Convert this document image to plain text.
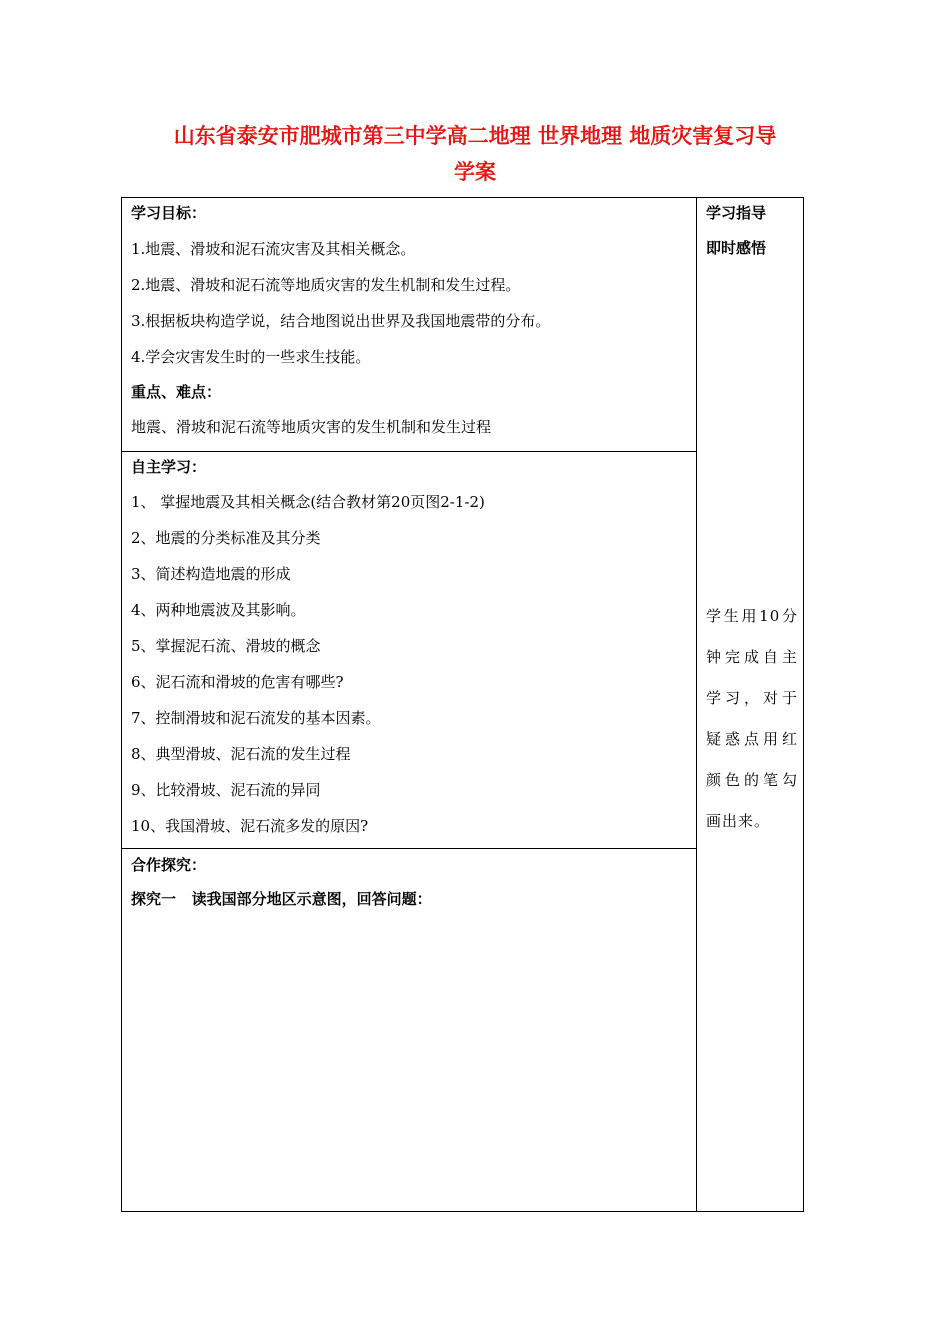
山东省泰安市肥城市第三中学高二地理 世界地理 地质灾害复习导
学案
学习目标：
1.地震、滑坡和泥石流灾害及其相关概念。
2.地震、滑坡和泥石流等地质灾害的发生机制和发生过程。
3.根据板块构造学说，结合地图说出世界及我国地震带的分布。
4.学会灾害发生时的一些求生技能。
重点、难点：
地震、滑坡和泥石流等地质灾害的发生机制和发生过程
自主学习：
1、 掌握地震及其相关概念(结合教材第20页图2-1-2)
2、地震的分类标准及其分类
3、简述构造地震的形成
4、两种地震波及其影响。
5、掌握泥石流、滑坡的概念
6、泥石流和滑坡的危害有哪些?
7、控制滑坡和泥石流发的基本因素。
8、典型滑坡、泥石流的发生过程
9、比较滑坡、泥石流的异同
10、我国滑坡、泥石流多发的原因?
合作探究：
探究一   读我国部分地区示意图，回答问题：
学习指导
即时感悟
学生用10分
钟完成自主
学习，对于
疑惑点用红
颜色的笔勾
画出来。
